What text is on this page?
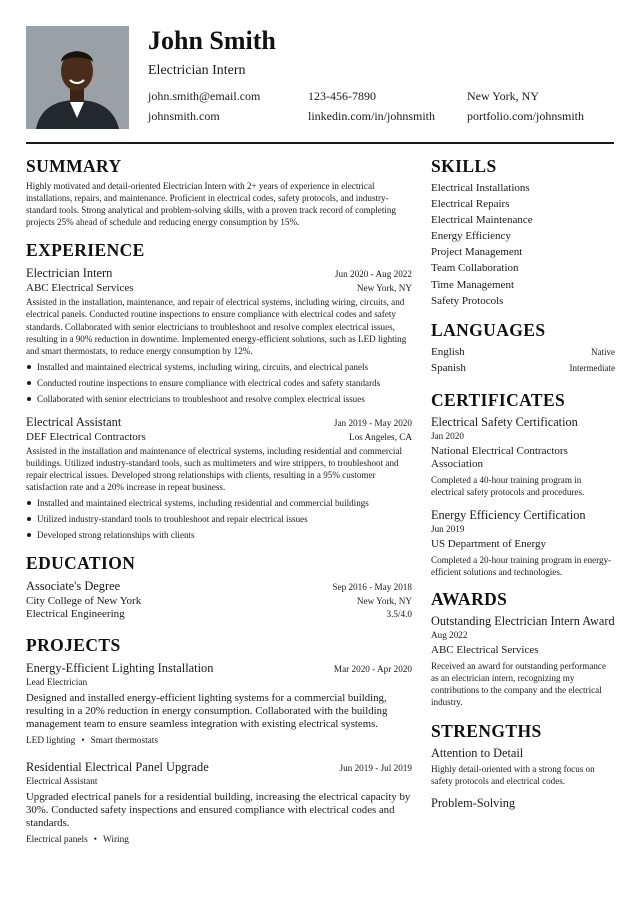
John Smith
Electrician Intern
john.smith@email.com	123-456-7890	New York, NY
johnsmith.com	linkedin.com/in/johnsmith	portfolio.com/johnsmith
SUMMARY

Highly motivated and detail-oriented Electrician Intern with 2+ years of experience in electrical installations, repairs, and maintenance. Proficient in electrical codes, safety protocols, and industry-standard tools. Strong analytical and problem-solving skills, with a proven track record of completing projects 25% ahead of schedule and reducing energy consumption by 15%.

EXPERIENCE
Electrician Intern	Jun 2020 - Aug 2022
ABC Electrical Services	New York, NY

Assisted in the installation, maintenance, and repair of electrical systems, including wiring, circuits, and electrical panels. Conducted routine inspections to ensure compliance with electrical codes and safety standards. Collaborated with senior electricians to troubleshoot and resolve complex electrical issues, resulting in a 90% reduction in downtime. Implemented energy-efficient solutions, such as LED lighting and smart thermostats, to reduce energy consumption by 12%.

Installed and maintained electrical systems, including wiring, circuits, and electrical panels
Conducted routine inspections to ensure compliance with electrical codes and safety standards
Collaborated with senior electricians to troubleshoot and resolve complex electrical issues
Electrical Assistant	Jan 2019 - May 2020
DEF Electrical Contractors	Los Angeles, CA

Assisted in the installation and maintenance of electrical systems, including residential and commercial buildings. Utilized industry-standard tools, such as multimeters and wire strippers, to troubleshoot and repair electrical issues. Developed strong relationships with clients, resulting in a 95% customer satisfaction rate and a 20% increase in repeat business.

Installed and maintained electrical systems, including residential and commercial buildings
Utilized industry-standard tools to troubleshoot and repair electrical issues
Developed strong relationships with clients
EDUCATION
Associate's Degree	Sep 2016 - May 2018
City College of New York	New York, NY
Electrical Engineering	3.5/4.0
PROJECTS
Energy-Efficient Lighting Installation	Mar 2020 - Apr 2020
Lead Electrician

Designed and installed energy-efficient lighting systems for a commercial building, resulting in a 20% reduction in energy consumption. Collaborated with the building management team to ensure seamless integration with existing electrical systems.

LED lighting • Smart thermostats
Residential Electrical Panel Upgrade	Jun 2019 - Jul 2019
Electrical Assistant

Upgraded electrical panels for a residential building, increasing the electrical capacity by 30%. Conducted safety inspections and ensured compliance with electrical codes and standards.

Electrical panels • Wiring
SKILLS
Electrical Installations
Electrical Repairs
Electrical Maintenance
Energy Efficiency
Project Management
Team Collaboration
Time Management
Safety Protocols
LANGUAGES
English	Native
Spanish	Intermediate
CERTIFICATES
Electrical Safety Certification
Jan 2020
National Electrical Contractors Association

Completed a 40-hour training program in electrical safety protocols and procedures.

Energy Efficiency Certification
Jun 2019
US Department of Energy

Completed a 20-hour training program in energy-efficient solutions and technologies.

AWARDS
Outstanding Electrician Intern Award
Aug 2022
ABC Electrical Services

Received an award for outstanding performance as an electrician intern, recognizing my contributions to the company and the electrical industry.

STRENGTHS
Attention to Detail

Highly detail-oriented with a strong focus on safety protocols and electrical codes.

Problem-Solving
